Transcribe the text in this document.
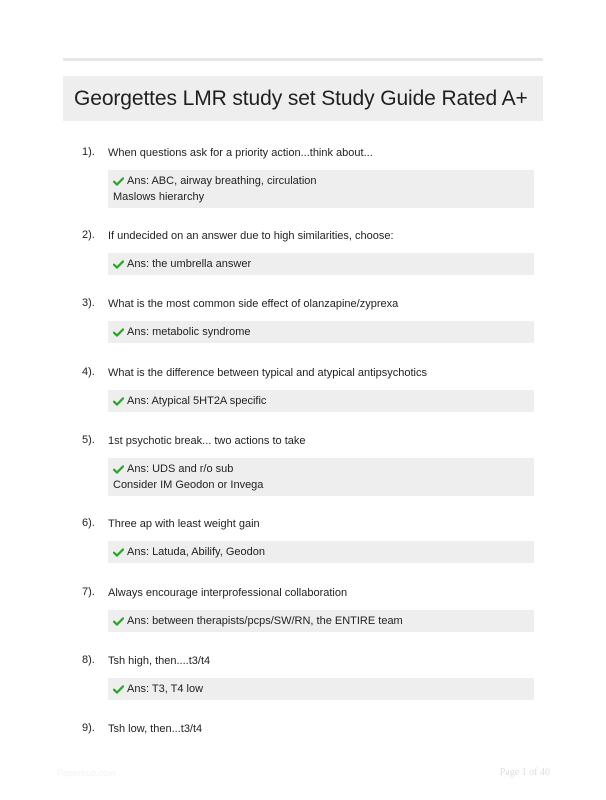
Georgettes LMR study set Study Guide Rated A+
1). When questions ask for a priority action...think about...
Ans: ABC, airway breathing, circulation
Maslows hierarchy
2). If undecided on an answer due to high similarities, choose:
Ans: the umbrella answer
3). What is the most common side effect of olanzapine/zyprexa
Ans: metabolic syndrome
4). What is the difference between typical and atypical antipsychotics
Ans: Atypical 5HT2A specific
5). 1st psychotic break... two actions to take
Ans: UDS and r/o sub
Consider IM Geodon or Invega
6). Three ap with least weight gain
Ans: Latuda, Abilify, Geodon
7). Always encourage interprofessional collaboration
Ans: between therapists/pcps/SW/RN, the ENTIRE team
8). Tsh high, then....t3/t4
Ans: T3, T4 low
9). Tsh low, then...t3/t4
Paperhub.com	Page 1 of 40
